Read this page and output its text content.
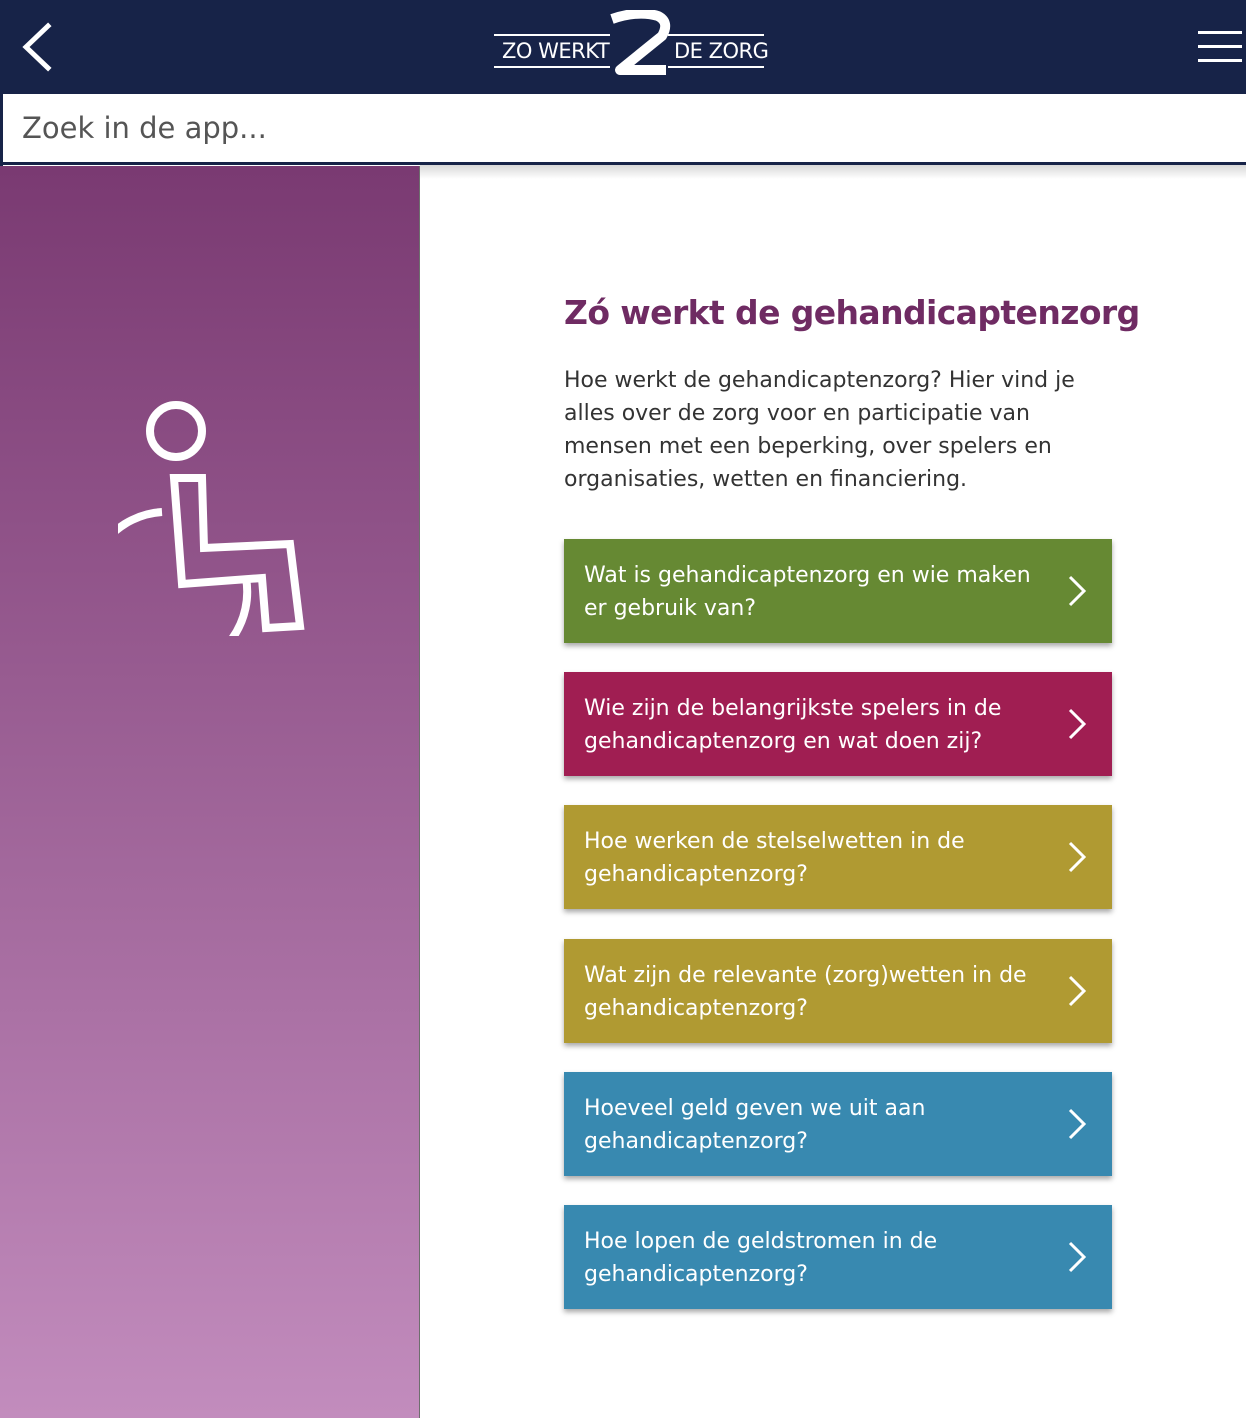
ZO WERKT	DE ZORG
Zoek in de app...
Zó werkt de gehandicaptenzorg

Hoe werkt de gehandicaptenzorg? Hier vind je alles over de zorg voor en participatie van mensen met een beperking, over spelers en organisaties, wetten en financiering.

Wat is gehandicaptenzorg en wie maken er gebruik van?
Wie zijn de belangrijkste spelers in de gehandicaptenzorg en wat doen zij?
Hoe werken de stelselwetten in de gehandicaptenzorg?
Wat zijn de relevante (zorg)wetten in de gehandicaptenzorg?
Hoeveel geld geven we uit aan gehandicaptenzorg?
Hoe lopen de geldstromen in de gehandicaptenzorg?
